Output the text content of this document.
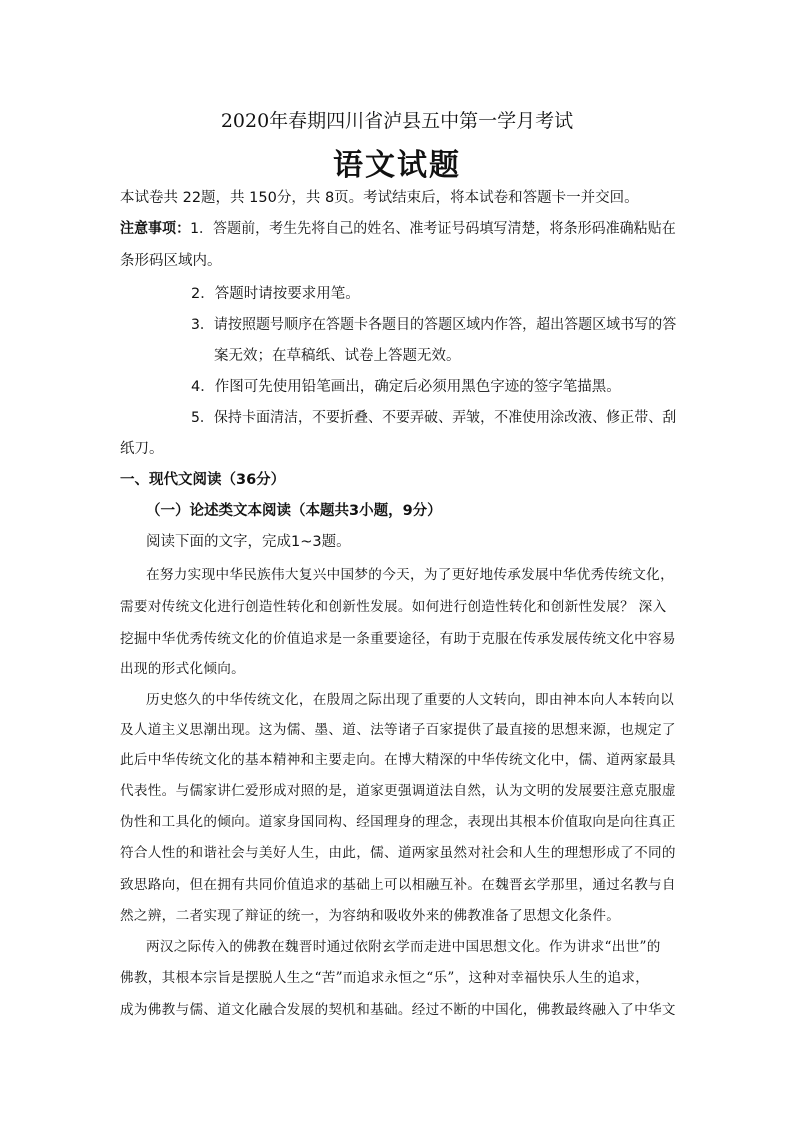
2020年春期四川省泸县五中第一学月考试
语文试题
本试卷共 22题，共 150分，共 8页。考试结束后，将本试卷和答题卡一并交回。
注意事项：1．答题前，考生先将自己的姓名、准考证号码填写清楚，将条形码准确粘贴在
条形码区域内。
2．答题时请按要求用笔。
3．请按照题号顺序在答题卡各题目的答题区域内作答，超出答题区域书写的答
案无效；在草稿纸、试卷上答题无效。
4．作图可先使用铅笔画出，确定后必须用黑色字迹的签字笔描黑。
5．保持卡面清洁，不要折叠、不要弄破、弄皱，不准使用涂改液、修正带、刮
纸刀。
一、现代文阅读（36分）
（一）论述类文本阅读（本题共3小题，9分）
阅读下面的文字，完成1~3题。
在努力实现中华民族伟大复兴中国梦的今天，为了更好地传承发展中华优秀传统文化，
需要对传统文化进行创造性转化和创新性发展。如何进行创造性转化和创新性发展？ 深入
挖掘中华优秀传统文化的价值追求是一条重要途径，有助于克服在传承发展传统文化中容易
出现的形式化倾向。
历史悠久的中华传统文化，在殷周之际出现了重要的人文转向，即由神本向人本转向以
及人道主义思潮出现。这为儒、墨、道、法等诸子百家提供了最直接的思想来源，也规定了
此后中华传统文化的基本精神和主要走向。在博大精深的中华传统文化中，儒、道两家最具
代表性。与儒家讲仁爱形成对照的是，道家更强调道法自然，认为文明的发展要注意克服虚
伪性和工具化的倾向。道家身国同构、经国理身的理念，表现出其根本价值取向是向往真正
符合人性的和谐社会与美好人生，由此，儒、道两家虽然对社会和人生的理想形成了不同的
致思路向，但在拥有共同价值追求的基础上可以相融互补。在魏晋玄学那里，通过名教与自
然之辨，二者实现了辩证的统一，为容纳和吸收外来的佛教准备了思想文化条件。
两汉之际传入的佛教在魏晋时通过依附玄学而走进中国思想文化。作为讲求“出世”的
佛教，其根本宗旨是摆脱人生之“苦”而追求永恒之“乐”，这种对幸福快乐人生的追求，
成为佛教与儒、道文化融合发展的契机和基础。经过不断的中国化，佛教最终融入了中华文
